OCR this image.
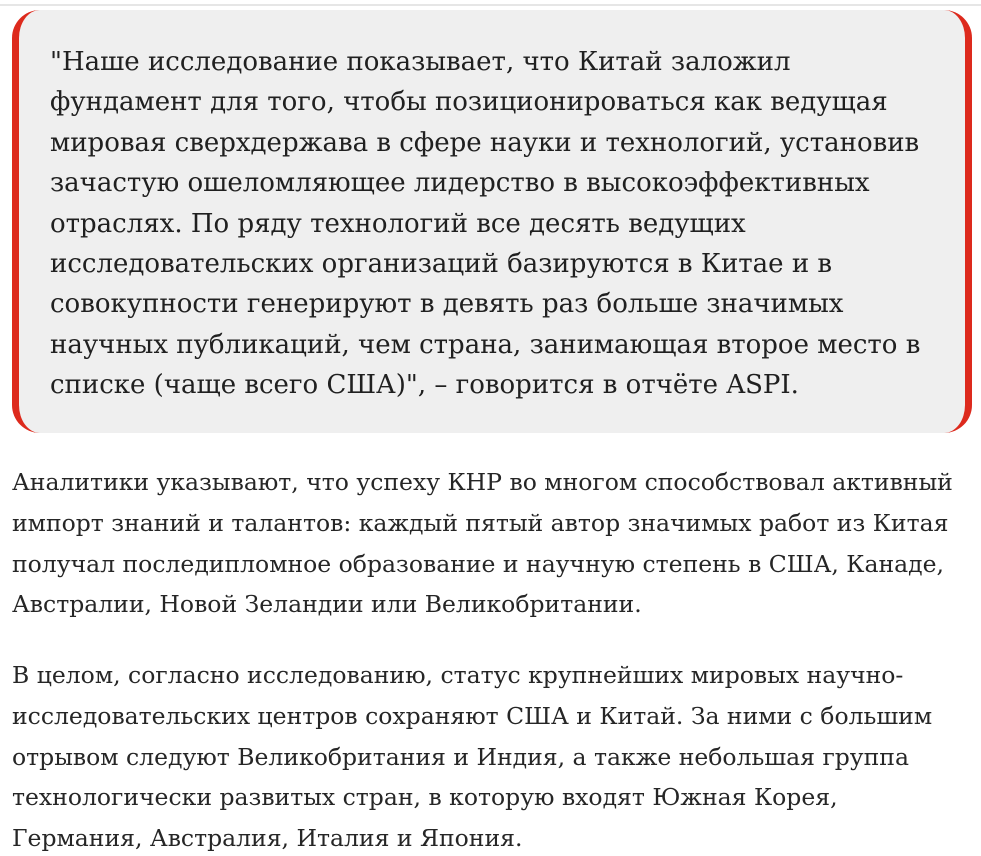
"Наше исследование показывает, что Китай заложил фундамент для того, чтобы позиционироваться как ведущая мировая сверхдержава в сфере науки и технологий, установив зачастую ошеломляющее лидерство в высокоэффективных отраслях. По ряду технологий все десять ведущих исследовательских организаций базируются в Китае и в совокупности генерируют в девять раз больше значимых научных публикаций, чем страна, занимающая второе место в списке (чаще всего США)", – говорится в отчёте ASPI.

Аналитики указывают, что успеху КНР во многом способствовал активный импорт знаний и талантов: каждый пятый автор значимых работ из Китая получал последипломное образование и научную степень в США, Канаде, Австралии, Новой Зеландии или Великобритании.

В целом, согласно исследованию, статус крупнейших мировых научно-исследовательских центров сохраняют США и Китай. За ними с большим отрывом следуют Великобритания и Индия, а также небольшая группа технологически развитых стран, в которую входят Южная Корея, Германия, Австралия, Италия и Япония.
